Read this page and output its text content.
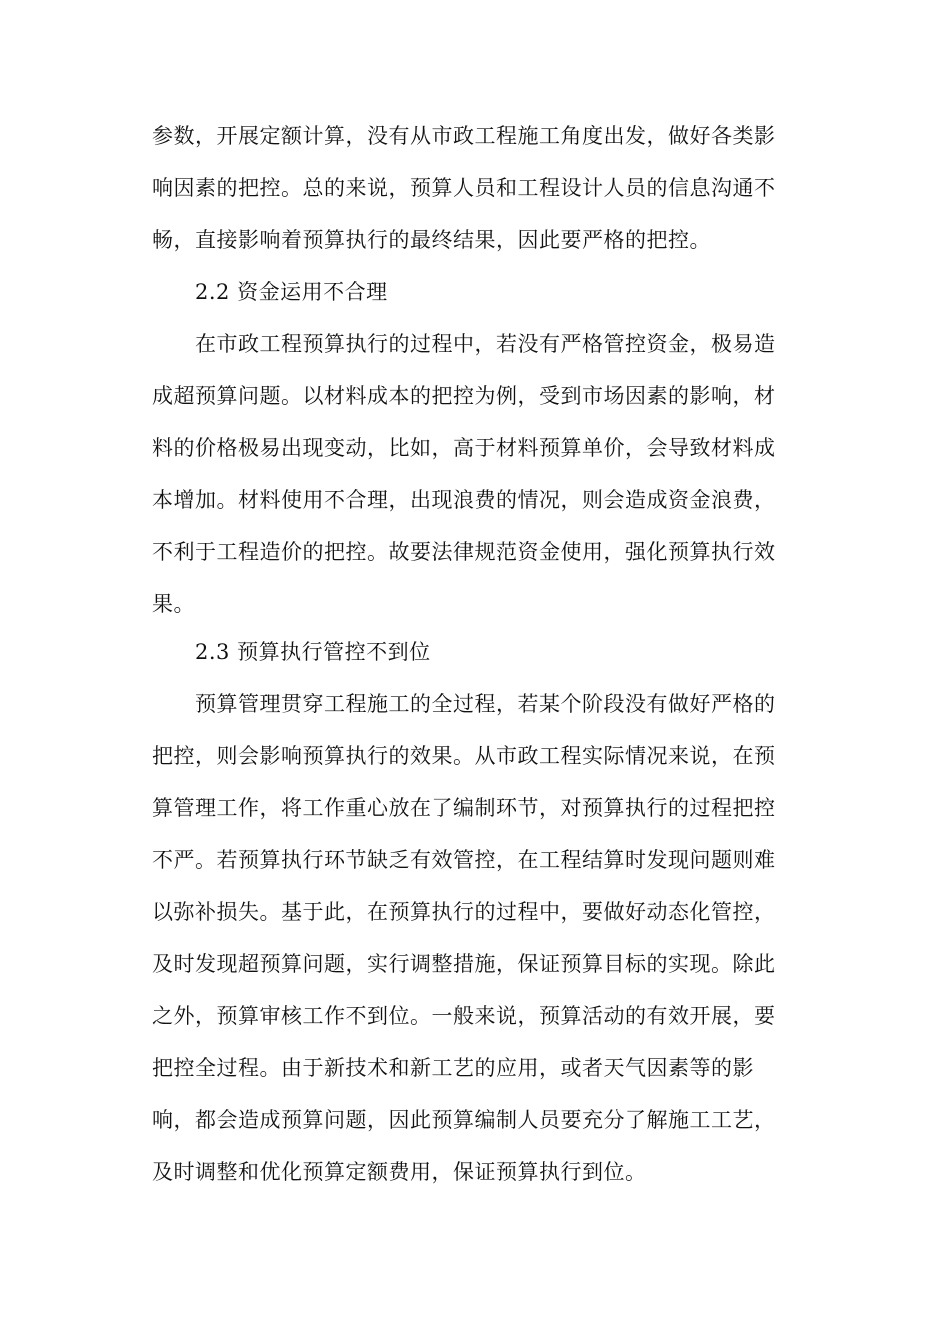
参数，开展定额计算，没有从市政工程施工角度出发，做好各类影
响因素的把控。总的来说，预算人员和工程设计人员的信息沟通不
畅，直接影响着预算执行的最终结果，因此要严格的把控。
2.2 资金运用不合理
在市政工程预算执行的过程中，若没有严格管控资金，极易造
成超预算问题。以材料成本的把控为例，受到市场因素的影响，材
料的价格极易出现变动，比如，高于材料预算单价，会导致材料成
本增加。材料使用不合理，出现浪费的情况，则会造成资金浪费，
不利于工程造价的把控。故要法律规范资金使用，强化预算执行效
果。
2.3 预算执行管控不到位
预算管理贯穿工程施工的全过程，若某个阶段没有做好严格的
把控，则会影响预算执行的效果。从市政工程实际情况来说，在预
算管理工作，将工作重心放在了编制环节，对预算执行的过程把控
不严。若预算执行环节缺乏有效管控，在工程结算时发现问题则难
以弥补损失。基于此，在预算执行的过程中，要做好动态化管控，
及时发现超预算问题，实行调整措施，保证预算目标的实现。除此
之外，预算审核工作不到位。一般来说，预算活动的有效开展，要
把控全过程。由于新技术和新工艺的应用，或者天气因素等的影
响，都会造成预算问题，因此预算编制人员要充分了解施工工艺，
及时调整和优化预算定额费用，保证预算执行到位。
